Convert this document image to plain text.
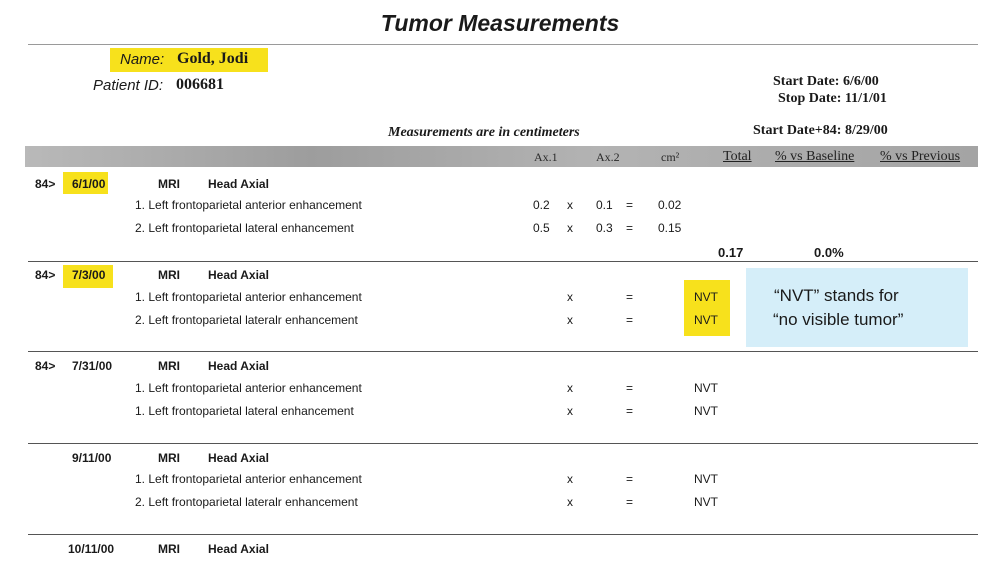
Tumor Measurements
Name: Gold, Jodi
Patient ID: 006681	Start Date: 6/6/00
Stop Date: 11/1/01
Start Date+84: 8/29/00
Measurements are in centimeters
Ax.1	Ax.2	cm²	Total % vs Baseline % vs Previous
84> 6/1/00	MRI Head Axial
1. Left frontoparietal anterior enhancement	0.2 x 0.1 = 0.02
2. Left frontoparietal lateral enhancement	0.5 x 0.3 = 0.15
0.17	0.0%
84> 7/3/00	MRI Head Axial
1. Left frontoparietal anterior enhancement	x	=	NVT
2. Left frontoparietal lateralr enhancement	x	=	NVT
“NVT” stands for
“no visible tumor”
84> 7/31/00	MRI Head Axial
1. Left frontoparietal anterior enhancement	x	=	NVT
1. Left frontoparietal lateral enhancement	x	=	NVT
9/11/00	MRI Head Axial
1. Left frontoparietal anterior enhancement	x	=	NVT
2. Left frontoparietal lateralr enhancement	x	=	NVT
10/11/00	MRI Head Axial
